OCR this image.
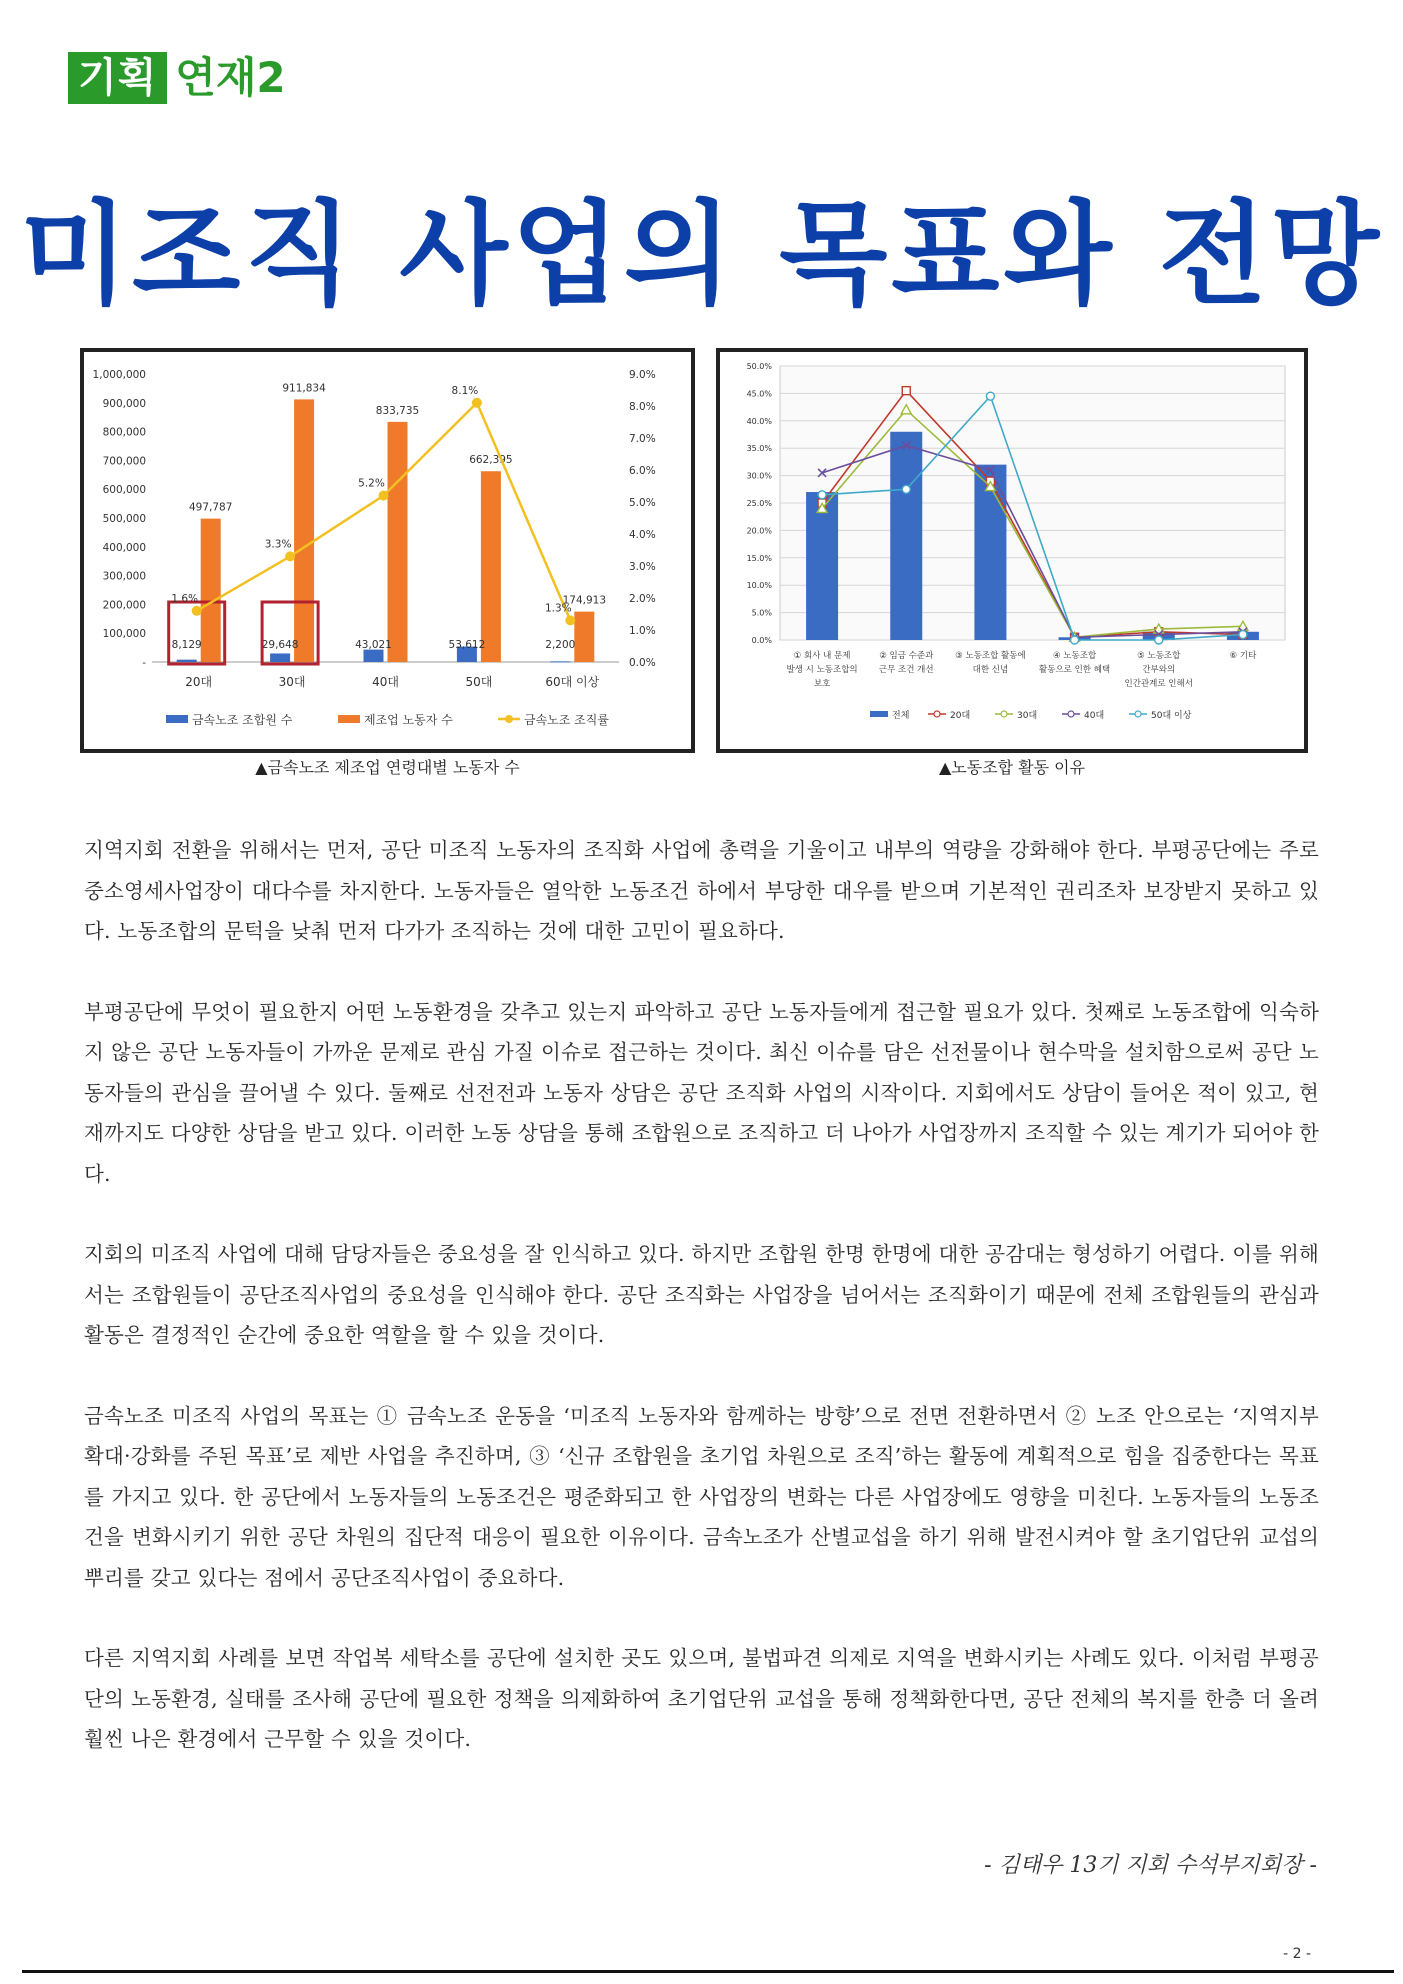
기획 연재2
미조직 사업의 목표와 전망
1,000,000
900,000
800,000
700,000
600,000
500,000
400,000
300,000
200,000
100,000
-
9.0%
8.0%
7.0%
6.0%
5.0%
4.0%
3.0%
2.0%
1.0%
0.0%
497,787
8,129
20대
911,834
29,648
30대
833,735
43,021
40대
662,395
53,612
50대
174,913
2,200
60대 이상
1.6%
3.3%
5.2%
8.1%
1.3%
금속노조 조합원 수	제조업 노동자 수	금속노조 조직률
50.0%
45.0%
40.0%
35.0%
30.0%
25.0%
20.0%
15.0%
10.0%
5.0%
0.0%
① 회사 내 문제
발생 시 노동조합의
보호
② 임금 수준과
근무 조건 개선
③ 노동조합 활동에
대한 신념
④ 노동조합
활동으로 인한 혜택
⑤ 노동조합
간부와의
인간관계로 인해서
⑥ 기타
전체	20대	30대	40대	50대 이상
▲금속노조 제조업 연령대별 노동자 수	▲노동조합 활동 이유

지역지회 전환을 위해서는 먼저, 공단 미조직 노동자의 조직화 사업에 총력을 기울이고 내부의 역량을 강화해야 한다. 부평공단에는 주로 중소영세사업장이 대다수를 차지한다. 노동자들은 열악한 노동조건 하에서 부당한 대우를 받으며 기본적인 권리조차 보장받지 못하고 있다. 노동조합의 문턱을 낮춰 먼저 다가가 조직하는 것에 대한 고민이 필요하다.

부평공단에 무엇이 필요한지 어떤 노동환경을 갖추고 있는지 파악하고 공단 노동자들에게 접근할 필요가 있다. 첫째로 노동조합에 익숙하지 않은 공단 노동자들이 가까운 문제로 관심 가질 이슈로 접근하는 것이다. 최신 이슈를 담은 선전물이나 현수막을 설치함으로써 공단 노동자들의 관심을 끌어낼 수 있다. 둘째로 선전전과 노동자 상담은 공단 조직화 사업의 시작이다. 지회에서도 상담이 들어온 적이 있고, 현재까지도 다양한 상담을 받고 있다. 이러한 노동 상담을 통해 조합원으로 조직하고 더 나아가 사업장까지 조직할 수 있는 계기가 되어야 한다.

지회의 미조직 사업에 대해 담당자들은 중요성을 잘 인식하고 있다. 하지만 조합원 한명 한명에 대한 공감대는 형성하기 어렵다. 이를 위해서는 조합원들이 공단조직사업의 중요성을 인식해야 한다. 공단 조직화는 사업장을 넘어서는 조직화이기 때문에 전체 조합원들의 관심과 활동은 결정적인 순간에 중요한 역할을 할 수 있을 것이다.

금속노조 미조직 사업의 목표는 ① 금속노조 운동을 ‘미조직 노동자와 함께하는 방향’으로 전면 전환하면서 ② 노조 안으로는 ‘지역지부 확대·강화를 주된 목표’로 제반 사업을 추진하며, ③ ‘신규 조합원을 초기업 차원으로 조직’하는 활동에 계획적으로 힘을 집중한다는 목표를 가지고 있다. 한 공단에서 노동자들의 노동조건은 평준화되고 한 사업장의 변화는 다른 사업장에도 영향을 미친다. 노동자들의 노동조건을 변화시키기 위한 공단 차원의 집단적 대응이 필요한 이유이다. 금속노조가 산별교섭을 하기 위해 발전시켜야 할 초기업단위 교섭의 뿌리를 갖고 있다는 점에서 공단조직사업이 중요하다.

다른 지역지회 사례를 보면 작업복 세탁소를 공단에 설치한 곳도 있으며, 불법파견 의제로 지역을 변화시키는 사례도 있다. 이처럼 부평공단의 노동환경, 실태를 조사해 공단에 필요한 정책을 의제화하여 초기업단위 교섭을 통해 정책화한다면, 공단 전체의 복지를 한층 더 올려 훨씬 나은 환경에서 근무할 수 있을 것이다.

- 김태우 13기 지회 수석부지회장 -
- 2 -
